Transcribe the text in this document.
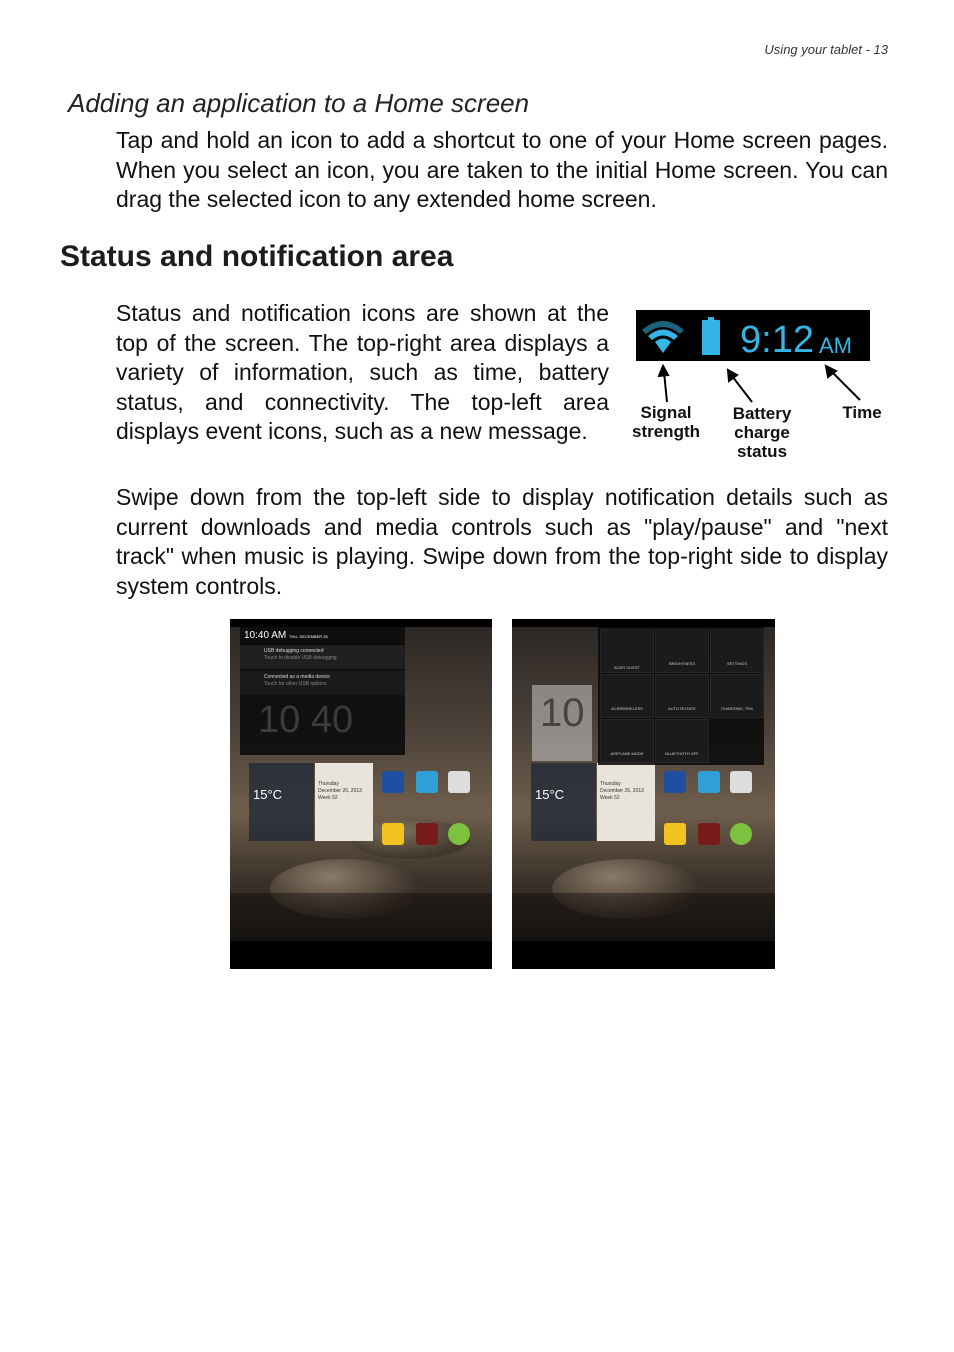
Using your tablet - 13
Adding an application to a Home screen

Tap and hold an icon to add a shortcut to one of your Home screen pages. When you select an icon, you are taken to the initial Home screen. You can drag the selected icon to any extended home screen.

Status and notification area

Status and notification icons are shown at the top of the screen. The top-right area displays a variety of information, such as time, battery status, and connectivity. The top-left area displays event icons, such as a new message.

9:12 AM
Signal
strength
Battery
charge
status
Time

Swipe down from the top-left side to display notification details such as current downloads and media controls such as "play/pause" and "next track" when music is playing. Swipe down from the top-right side to display system controls.

15°C
Thursday
December 26, 2013
Week 52
10:40 AM THU, DECEMBER 26
USB debugging connected
Touch to disable USB debugging.
Connected as a media device
Touch for other USB options.
10 40	10
15°C
Thursday
December 26, 2013
Week 52
ACER GUEST
BRIGHTNESS	SETTINGS
ACERWIRELESS	AUTO ROTATE	CHARGING, 75%
AIRPLANE MODE	BLUETOOTH OFF
